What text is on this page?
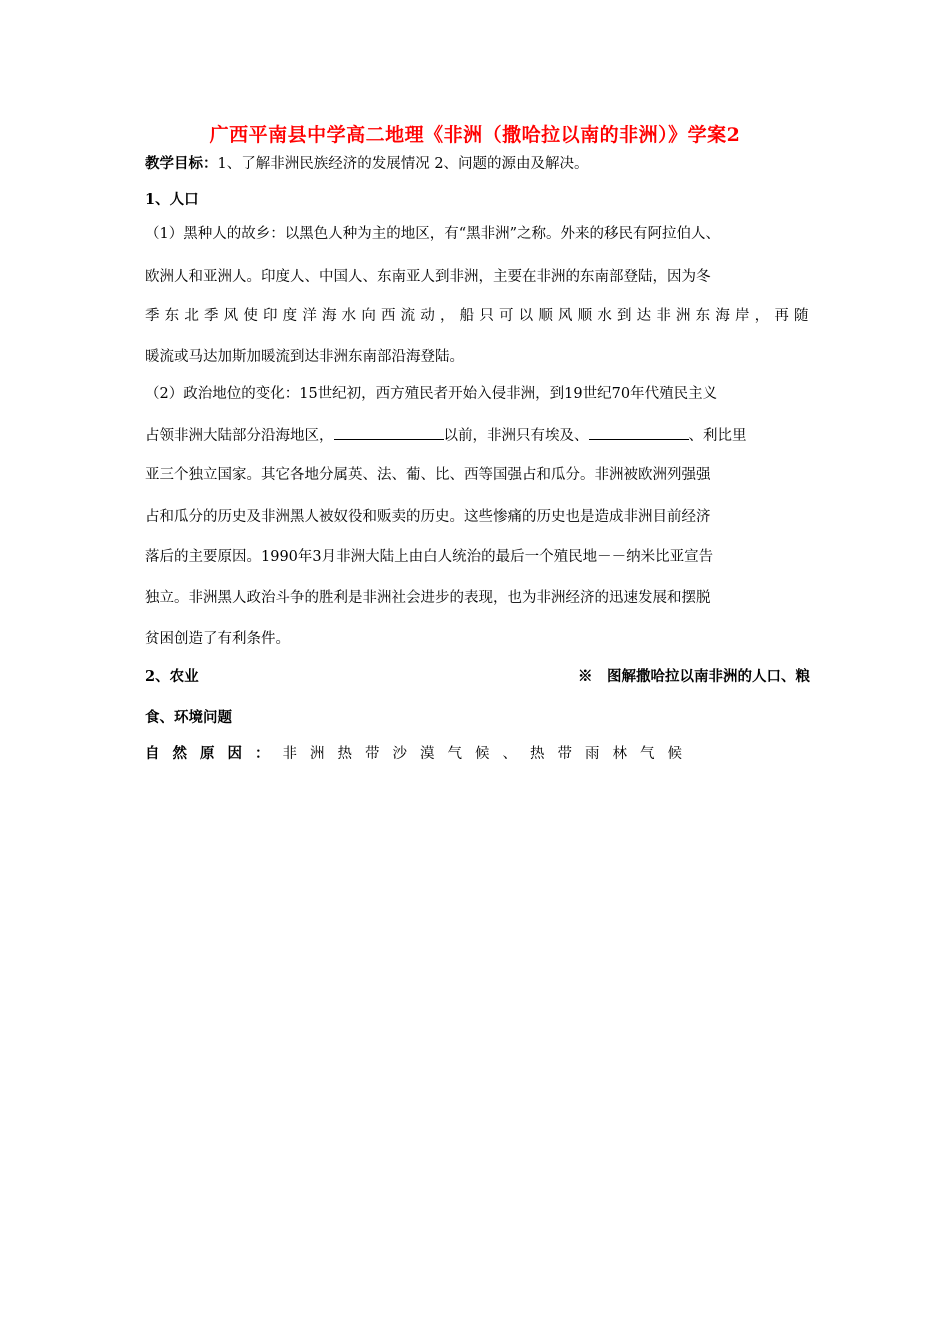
广西平南县中学高二地理《非洲（撒哈拉以南的非洲）》学案2
教学目标：1、了解非洲民族经济的发展情况 2、问题的源由及解决。
1、人口
（1）黑种人的故乡：以黑色人种为主的地区，有“黑非洲”之称。外来的移民有阿拉伯人、
欧洲人和亚洲人。印度人、中国人、东南亚人到非洲，主要在非洲的东南部登陆，因为冬
季东北季风使印度洋海水向西流动，船只可以顺风顺水到达非洲东海岸，再随
暖流或马达加斯加暖流到达非洲东南部沿海登陆。
（2）政治地位的变化：15世纪初，西方殖民者开始入侵非洲，到19世纪70年代殖民主义
占领非洲大陆部分沿海地区，	以前，非洲只有埃及、	、利比里
亚三个独立国家。其它各地分属英、法、葡、比、西等国强占和瓜分。非洲被欧洲列强强
占和瓜分的历史及非洲黑人被奴役和贩卖的历史。这些惨痛的历史也是造成非洲目前经济
落后的主要原因。1990年3月非洲大陆上由白人统治的最后一个殖民地－－纳米比亚宣告
独立。非洲黑人政治斗争的胜利是非洲社会进步的表现，也为非洲经济的迅速发展和摆脱
贫困创造了有利条件。
2、农业	※　图解撒哈拉以南非洲的人口、粮
食、环境问题
自然原因：非洲热带沙漠气候、热带雨林气候
